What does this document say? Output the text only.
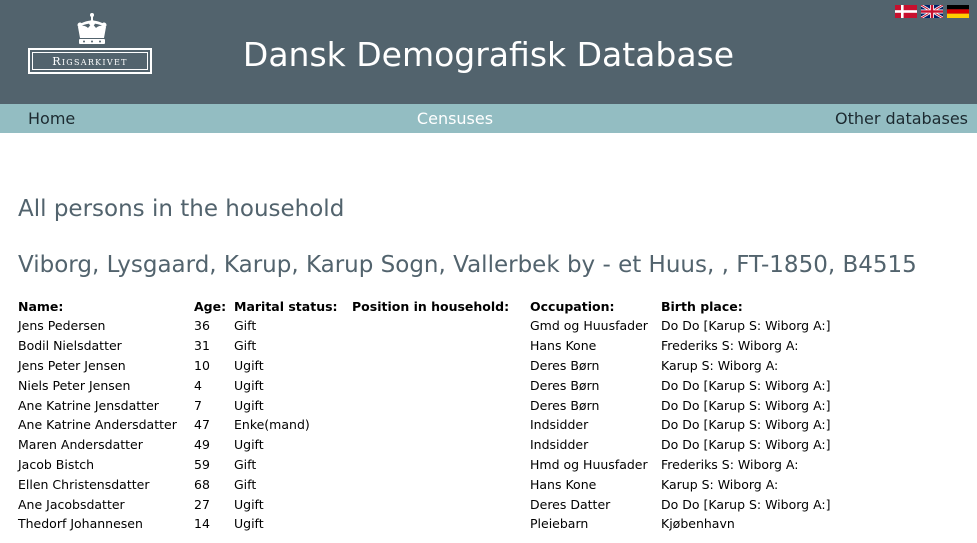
Rigsarkivet	Dansk Demografisk Database
Home	Censuses	Other databases
All persons in the household
Viborg, Lysgaard, Karup, Karup Sogn, Vallerbek by - et Huus, , FT-1850, B4515
Name:	Age:	Marital status:	Position in household:	Occupation:	Birth place:
Jens Pedersen	36	Gift		Gmd og Huusfader	Do Do [Karup S: Wiborg A:]
Bodil Nielsdatter	31	Gift		Hans Kone	Frederiks S: Wiborg A:
Jens Peter Jensen	10	Ugift		Deres Børn	Karup S: Wiborg A:
Niels Peter Jensen	4	Ugift		Deres Børn	Do Do [Karup S: Wiborg A:]
Ane Katrine Jensdatter	7	Ugift		Deres Børn	Do Do [Karup S: Wiborg A:]
Ane Katrine Andersdatter	47	Enke(mand)		Indsidder	Do Do [Karup S: Wiborg A:]
Maren Andersdatter	49	Ugift		Indsidder	Do Do [Karup S: Wiborg A:]
Jacob Bistch	59	Gift		Hmd og Huusfader	Frederiks S: Wiborg A:
Ellen Christensdatter	68	Gift		Hans Kone	Karup S: Wiborg A:
Ane Jacobsdatter	27	Ugift		Deres Datter	Do Do [Karup S: Wiborg A:]
Thedorf Johannesen	14	Ugift		Pleiebarn	Kjøbenhavn
